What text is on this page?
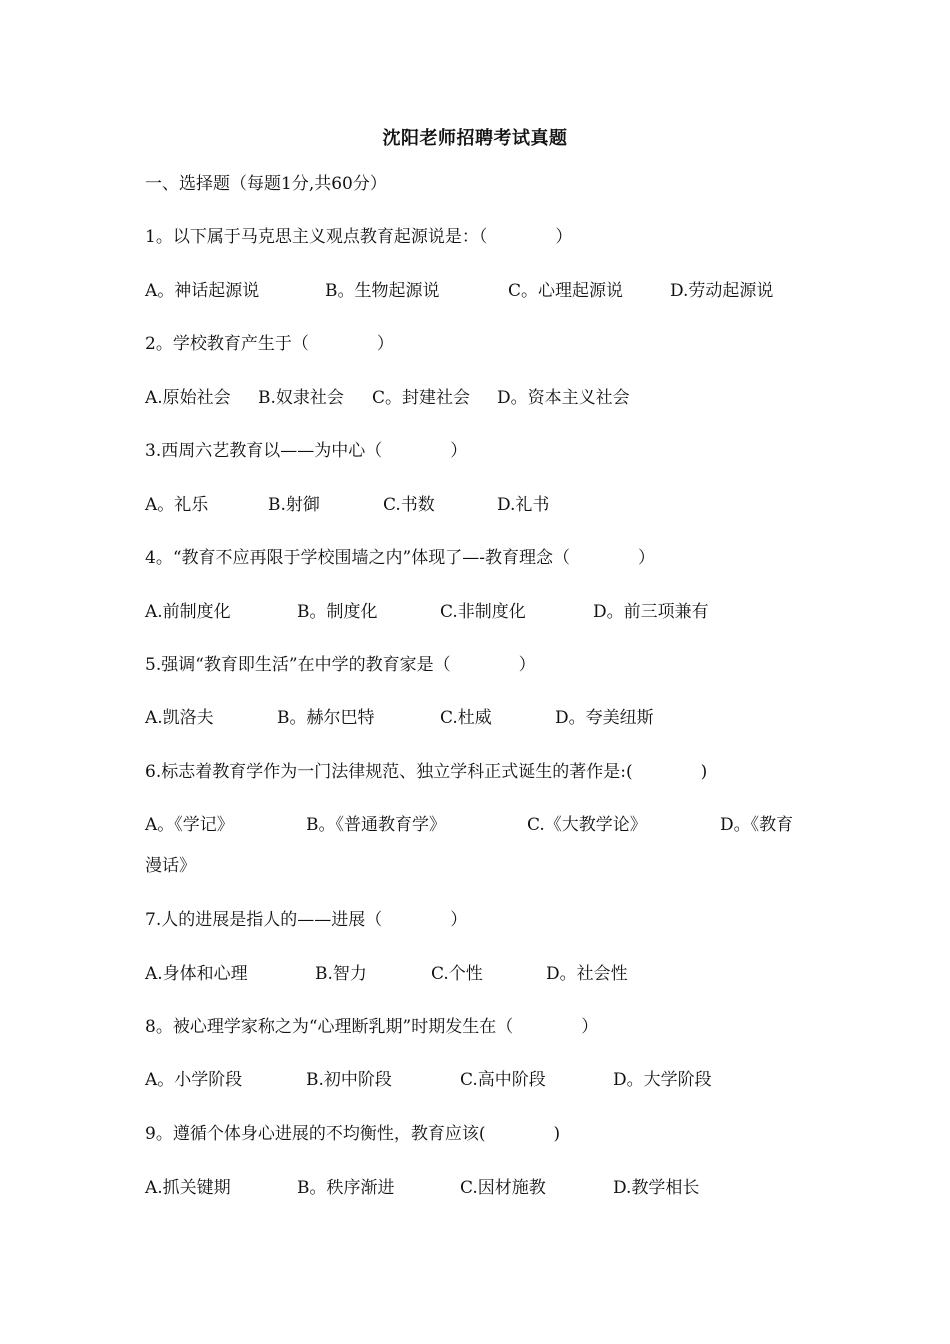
沈阳老师招聘考试真题
一、选择题（每题1分,共60分）
1。以下属于马克思主义观点教育起源说是：（　　　　）
A。神话起源说	B。生物起源说	C。心理起源说	D.劳动起源说
2。学校教育产生于（　　　　）
A.原始社会 B.奴隶社会 C。封建社会 D。资本主义社会
3.西周六艺教育以——为中心（　　　　）
A。礼乐	B.射御	C.书数	D.礼书
4。“教育不应再限于学校围墙之内”体现了—-教育理念（　　　　）
A.前制度化	B。制度化	C.非制度化	D。前三项兼有
5.强调“教育即生活”在中学的教育家是（　　　　）
A.凯洛夫	B。赫尔巴特	C.杜威	D。夸美纽斯
6.标志着教育学作为一门法律规范、独立学科正式诞生的著作是:(　　　　)
A。《学记》	B。《普通教育学》	C.《大教学论》	D。《教育
漫话》
7.人的进展是指人的——进展（　　　　）
A.身体和心理	B.智力	C.个性	D。社会性
8。被心理学家称之为“心理断乳期”时期发生在（　　　　）
A。小学阶段	B.初中阶段	C.高中阶段	D。大学阶段
9。遵循个体身心进展的不均衡性，教育应该(　　　　)
A.抓关键期	B。秩序渐进	C.因材施教	D.教学相长
